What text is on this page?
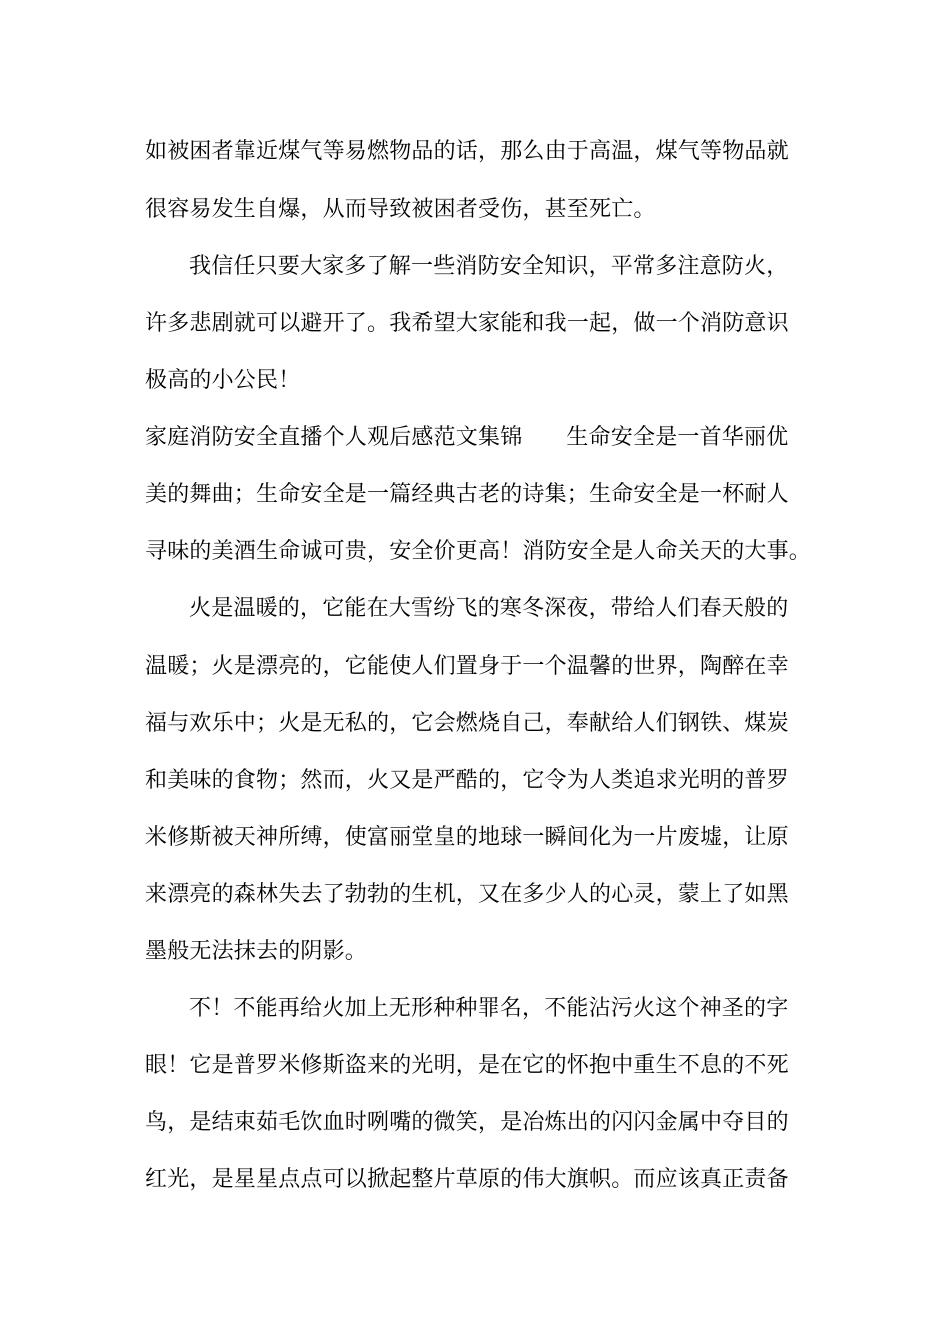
如被困者靠近煤气等易燃物品的话，那么由于高温，煤气等物品就
很容易发生自爆，从而导致被困者受伤，甚至死亡。
我信任只要大家多了解一些消防安全知识，平常多注意防火，
许多悲剧就可以避开了。我希望大家能和我一起，做一个消防意识
极高的小公民！
家庭消防安全直播个人观后感范文集锦 生命安全是一首华丽优
美的舞曲；生命安全是一篇经典古老的诗集；生命安全是一杯耐人
寻味的美酒生命诚可贵，安全价更高！消防安全是人命关天的大事。
火是温暖的，它能在大雪纷飞的寒冬深夜，带给人们春天般的
温暖；火是漂亮的，它能使人们置身于一个温馨的世界，陶醉在幸
福与欢乐中；火是无私的，它会燃烧自己，奉献给人们钢铁、煤炭
和美味的食物；然而，火又是严酷的，它令为人类追求光明的普罗
米修斯被天神所缚，使富丽堂皇的地球一瞬间化为一片废墟，让原
来漂亮的森林失去了勃勃的生机，又在多少人的心灵，蒙上了如黑
墨般无法抹去的阴影。
不！不能再给火加上无形种种罪名，不能沾污火这个神圣的字
眼！它是普罗米修斯盗来的光明，是在它的怀抱中重生不息的不死
鸟，是结束茹毛饮血时咧嘴的微笑，是冶炼出的闪闪金属中夺目的
红光，是星星点点可以掀起整片草原的伟大旗帜。而应该真正责备
